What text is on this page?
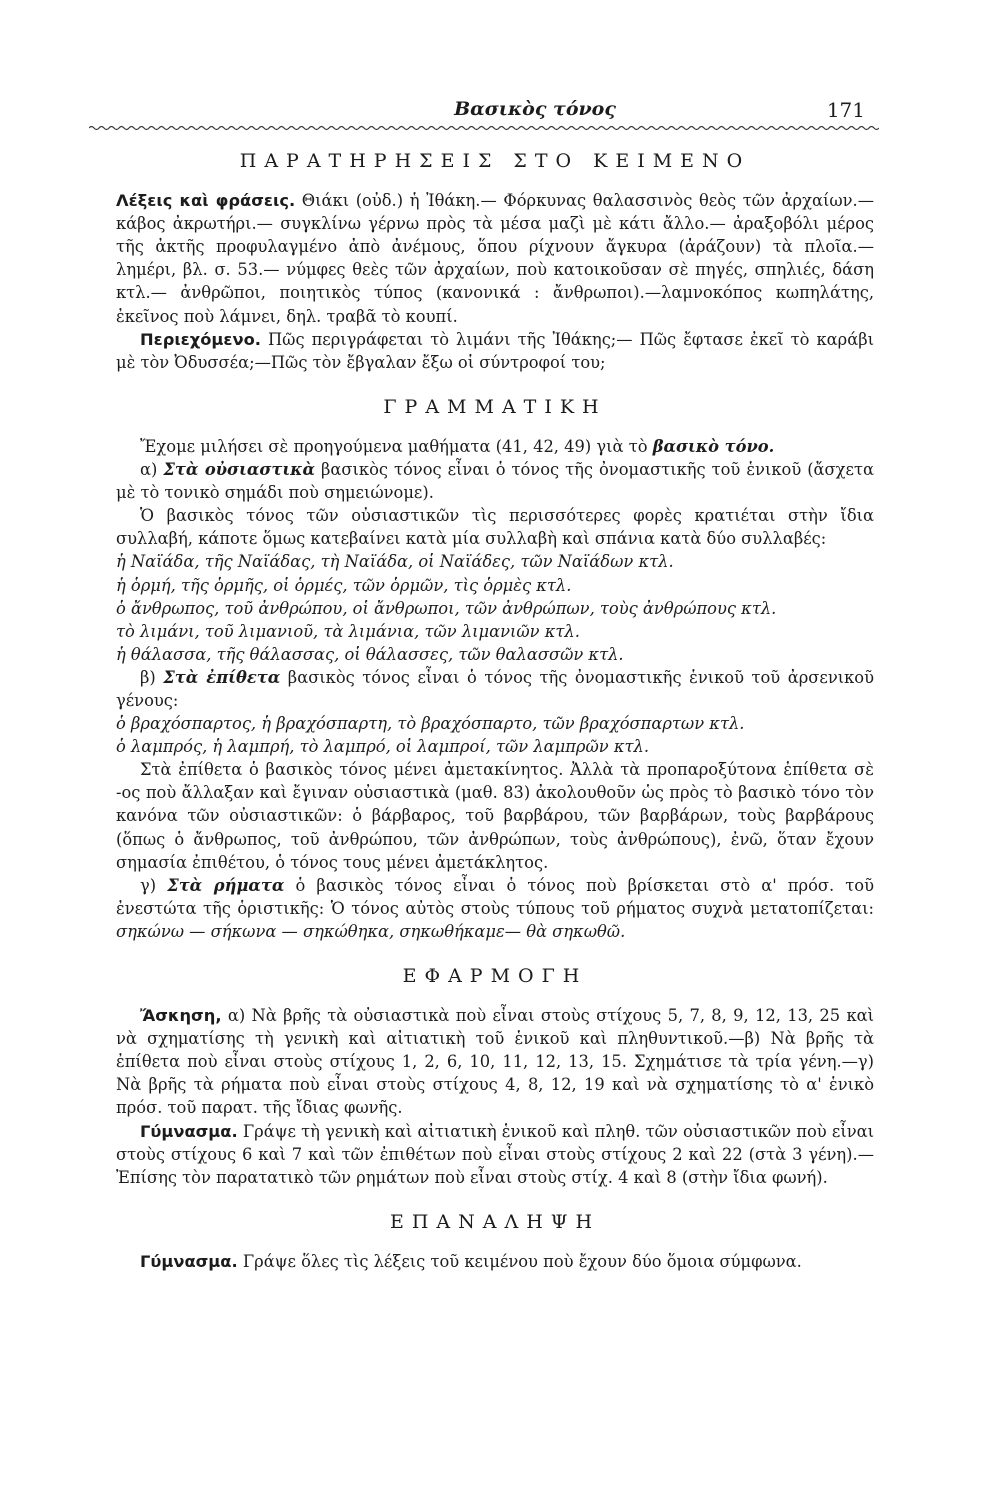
Βασικὸς τόνος	171
ΠΑΡΑΤΗΡΗΣΕΙΣ ΣΤΟ ΚΕΙΜΕΝΟ

Λέξεις καὶ φράσεις. Θιάκι (οὐδ.) ἡ Ἰθάκη.— Φόρκυνας θαλασσινὸς θεὸς τῶν ἀρχαίων.—κάβος ἀκρωτήρι.— συγκλίνω γέρνω πρὸς τὰ μέσα μαζὶ μὲ κάτι ἄλλο.— ἀραξοβόλι μέρος τῆς ἀκτῆς προφυλαγμένο ἀπὸ ἀνέμους, ὅπου ρίχνουν ἄγκυρα (ἀράζουν) τὰ πλοῖα.— λημέρι, βλ. σ. 53.— νύμφες θεὲς τῶν ἀρχαίων, ποὺ κατοικοῦσαν σὲ πηγές, σπηλιές, δάση κτλ.— ἀνθρῶποι, ποιητικὸς τύπος (κανονικά : ἄνθρωποι).—λαμνοκόπος κωπηλάτης, ἐκεῖνος ποὺ λάμνει, δηλ. τραβᾶ τὸ κουπί.

Περιεχόμενο. Πῶς περιγράφεται τὸ λιμάνι τῆς Ἰθάκης;— Πῶς ἔφτασε ἐκεῖ τὸ καράβι μὲ τὸν Ὀδυσσέα;—Πῶς τὸν ἔβγαλαν ἔξω οἱ σύντροφοί του;

ΓΡΑΜΜΑΤΙΚΗ

Ἔχομε μιλήσει σὲ προηγούμενα μαθήματα (41, 42, 49) γιὰ τὸ βασικὸ τόνο.

α) Στὰ οὐσιαστικὰ βασικὸς τόνος εἶναι ὁ τόνος τῆς ὀνομαστικῆς τοῦ ἑνικοῦ (ἄσχετα μὲ τὸ τονικὸ σημάδι ποὺ σημειώνομε).

Ὁ βασικὸς τόνος τῶν οὐσιαστικῶν τὶς περισσότερες φορὲς κρατιέται στὴν ἴδια συλλαβή, κάποτε ὅμως κατεβαίνει κατὰ μία συλλαβὴ καὶ σπάνια κατὰ δύο συλλαβές:

ἡ Ναϊάδα, τῆς Ναϊάδας, τὴ Ναϊάδα, οἱ Ναϊάδες, τῶν Ναϊάδων κτλ.

ἡ ὁρμή, τῆς ὁρμῆς, οἱ ὁρμές, τῶν ὁρμῶν, τὶς ὁρμὲς κτλ.

ὁ ἄνθρωπος, τοῦ ἀνθρώπου, οἱ ἄνθρωποι, τῶν ἀνθρώπων, τοὺς ἀνθρώπους κτλ.

τὸ λιμάνι, τοῦ λιμανιοῦ, τὰ λιμάνια, τῶν λιμανιῶν κτλ.

ἡ θάλασσα, τῆς θάλασσας, οἱ θάλασσες, τῶν θαλασσῶν κτλ.

β) Στὰ ἐπίθετα βασικὸς τόνος εἶναι ὁ τόνος τῆς ὀνομαστικῆς ἑνικοῦ τοῦ ἀρσενικοῦ γένους:

ὁ βραχόσπαρτος, ἡ βραχόσπαρτη, τὸ βραχόσπαρτο, τῶν βραχόσπαρτων κτλ.

ὁ λαμπρός, ἡ λαμπρή, τὸ λαμπρό, οἱ λαμπροί, τῶν λαμπρῶν κτλ.

Στὰ ἐπίθετα ὁ βασικὸς τόνος μένει ἀμετακίνητος. Ἀλλὰ τὰ προπαροξύτονα ἐπίθετα σὲ -ος ποὺ ἄλλαξαν καὶ ἔγιναν οὐσιαστικὰ (μαθ. 83) ἀκολουθοῦν ὡς πρὸς τὸ βασικὸ τόνο τὸν κανόνα τῶν οὐσιαστικῶν: ὁ βάρβαρος, τοῦ βαρβάρου, τῶν βαρβάρων, τοὺς βαρβάρους (ὅπως ὁ ἄνθρωπος, τοῦ ἀνθρώπου, τῶν ἀνθρώπων, τοὺς ἀνθρώπους), ἐνῶ, ὅταν ἔχουν σημασία ἐπιθέτου, ὁ τόνος τους μένει ἀμετάκλητος.

γ) Στὰ ρήματα ὁ βασικὸς τόνος εἶναι ὁ τόνος ποὺ βρίσκεται στὸ α' πρόσ. τοῦ ἐνεστώτα τῆς ὁριστικῆς: Ὁ τόνος αὐτὸς στοὺς τύπους τοῦ ρήματος συχνὰ μετατοπίζεται: σηκώνω — σήκωνα — σηκώθηκα, σηκωθήκαμε— θὰ σηκωθῶ.

ΕΦΑΡΜΟΓΗ

Ἄσκηση, α) Νὰ βρῆς τὰ οὐσιαστικὰ ποὺ εἶναι στοὺς στίχους 5, 7, 8, 9, 12, 13, 25 καὶ νὰ σχηματίσης τὴ γενικὴ καὶ αἰτιατικὴ τοῦ ἑνικοῦ καὶ πληθυντικοῦ.—β) Νὰ βρῆς τὰ ἐπίθετα ποὺ εἶναι στοὺς στίχους 1, 2, 6, 10, 11, 12, 13, 15. Σχημάτισε τὰ τρία γένη.—γ) Νὰ βρῆς τὰ ρήματα ποὺ εἶναι στοὺς στίχους 4, 8, 12, 19 καὶ νὰ σχηματίσης τὸ α' ἑνικὸ πρόσ. τοῦ παρατ. τῆς ἴδιας φωνῆς.

Γύμνασμα. Γράψε τὴ γενικὴ καὶ αἰτιατικὴ ἑνικοῦ καὶ πληθ. τῶν οὐσιαστικῶν ποὺ εἶναι στοὺς στίχους 6 καὶ 7 καὶ τῶν ἐπιθέτων ποὺ εἶναι στοὺς στίχους 2 καὶ 22 (στὰ 3 γένη).—Ἐπίσης τὸν παρατατικὸ τῶν ρημάτων ποὺ εἶναι στοὺς στίχ. 4 καὶ 8 (στὴν ἴδια φωνή).

ΕΠΑΝΑΛΗΨΗ

Γύμνασμα. Γράψε ὅλες τὶς λέξεις τοῦ κειμένου ποὺ ἔχουν δύο ὅμοια σύμφωνα.
